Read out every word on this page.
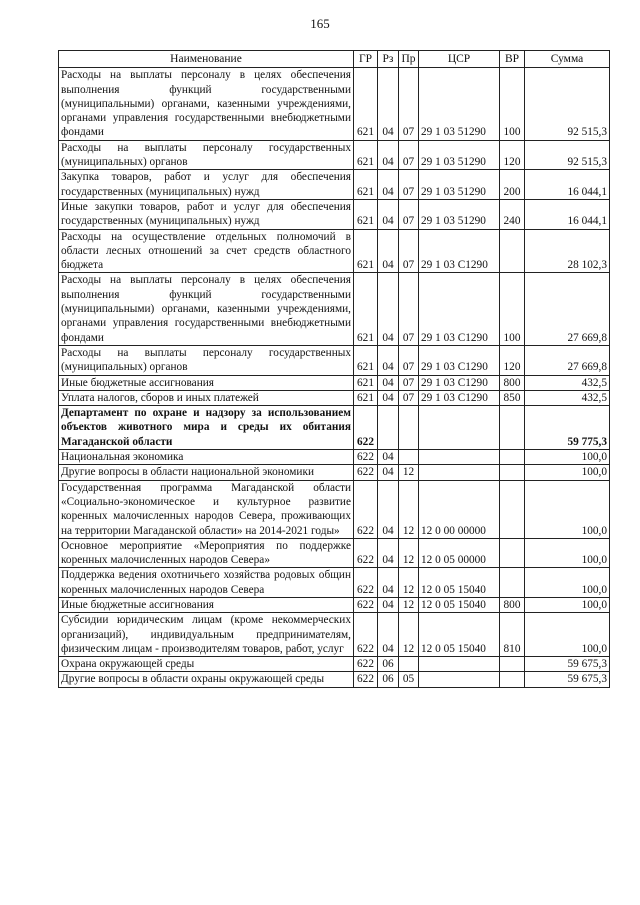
165
Наименование	ГР	Рз	Пр	ЦСР	ВР	Сумма
Расходы на выплаты персоналу в целях обеспечения выполнения функций государственными (муниципальными) органами, казенными учреждениями, органами управления государственными внебюджетными фондами	621	04	07	29 1 03 51290	100	92 515,3
Расходы на выплаты персоналу государственных (муниципальных) органов	621	04	07	29 1 03 51290	120	92 515,3
Закупка товаров, работ и услуг для обеспечения государственных (муниципальных) нужд	621	04	07	29 1 03 51290	200	16 044,1
Иные закупки товаров, работ и услуг для обеспечения государственных (муниципальных) нужд	621	04	07	29 1 03 51290	240	16 044,1
Расходы на осуществление отдельных полномочий в области лесных отношений за счет средств областного бюджета	621	04	07	29 1 03 С1290		28 102,3
Расходы на выплаты персоналу в целях обеспечения выполнения функций государственными (муниципальными) органами, казенными учреждениями, органами управления государственными внебюджетными фондами	621	04	07	29 1 03 С1290	100	27 669,8
Расходы на выплаты персоналу государственных (муниципальных) органов	621	04	07	29 1 03 С1290	120	27 669,8
Иные бюджетные ассигнования	621	04	07	29 1 03 С1290	800	432,5
Уплата налогов, сборов и иных платежей	621	04	07	29 1 03 С1290	850	432,5
Департамент по охране и надзору за использованием объектов животного мира и среды их обитания Магаданской области	622					59 775,3
Национальная экономика	622	04				100,0
Другие вопросы в области национальной экономики	622	04	12			100,0
Государственная программа Магаданской области «Социально-экономическое и культурное развитие коренных малочисленных народов Севера, проживающих на территории Магаданской области» на 2014-2021 годы»	622	04	12	12 0 00 00000		100,0
Основное мероприятие «Мероприятия по поддержке коренных малочисленных народов Севера»	622	04	12	12 0 05 00000		100,0
Поддержка ведения охотничьего хозяйства родовых общин коренных малочисленных народов Севера	622	04	12	12 0 05 15040		100,0
Иные бюджетные ассигнования	622	04	12	12 0 05 15040	800	100,0
Субсидии юридическим лицам (кроме некоммерческих организаций), индивидуальным предпринимателям, физическим лицам - производителям товаров, работ, услуг	622	04	12	12 0 05 15040	810	100,0
Охрана окружающей среды	622	06				59 675,3
Другие вопросы в области охраны окружающей среды	622	06	05			59 675,3
